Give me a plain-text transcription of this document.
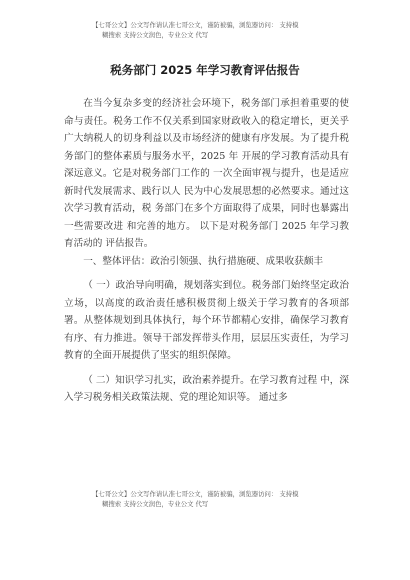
【七哥公文】公文写作请认准七哥公文，谨防被骗，浏览器访问： 支持模
糊搜索 支持公文润色，专业公文 代写
税务部门 2025 年学习教育评估报告

在当今复杂多变的经济社会环境下，税务部门承担着重要的使命与责任。税务工作不仅关系到国家财政收入的稳定增长，更关乎广大纳税人的切身利益以及市场经济的健康有序发展。为了提升税务部门的整体素质与服务水平，2025 年 开展的学习教育活动具有深远意义。它是对税务部门工作的 一次全面审视与提升，也是适应新时代发展需求、践行以人 民为中心发展思想的必然要求。通过这次学习教育活动，税 务部门在多个方面取得了成果，同时也暴露出一些需要改进 和完善的地方。 以下是对税务部门 2025 年学习教育活动的 评估报告。

一、整体评估：政治引领强、执行措施硬、成果收获颇丰

（ 一）政治导向明确，规划落实到位。税务部门始终坚定政治立场，以高度的政治责任感积极贯彻上级关于学习教育的各项部署。从整体规划到具体执行，每个环节都精心安排，确保学习教育有序、有力推进。领导干部发挥带头作用，层层压实责任，为学习教育的全面开展提供了坚实的组织保障。

（ 二）知识学习扎实，政治素养提升。在学习教育过程 中，深入学习税务相关政策法规、党的理论知识等。 通过多

【七哥公文】公文写作请认准七哥公文，谨防被骗，浏览器访问： 支持模
糊搜索 支持公文润色，专业公文 代写
